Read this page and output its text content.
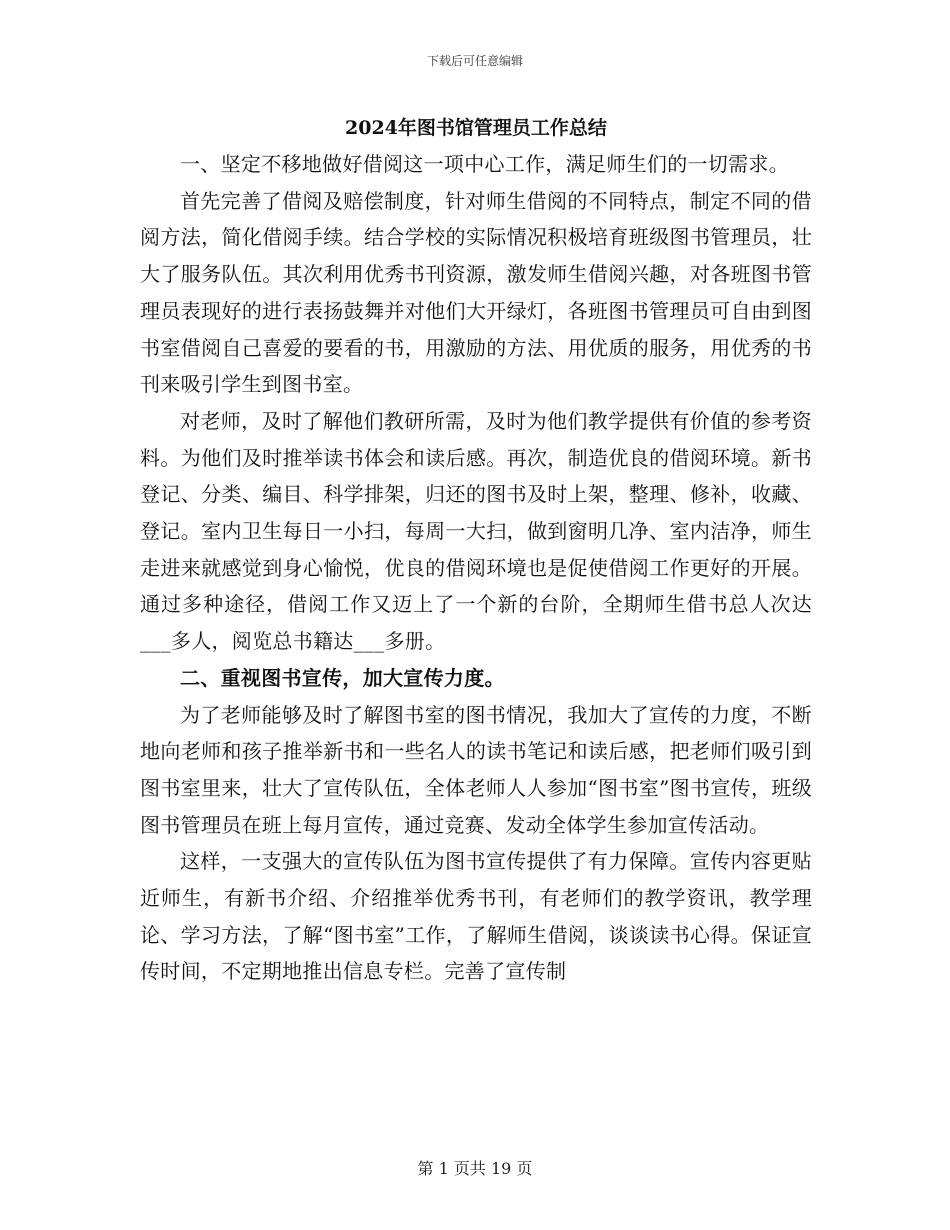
下载后可任意编辑
2024年图书馆管理员工作总结

一、坚定不移地做好借阅这一项中心工作，满足师生们的一切需求。

首先完善了借阅及赔偿制度，针对师生借阅的不同特点，制定不同的借阅方法，简化借阅手续。结合学校的实际情况积极培育班级图书管理员，壮大了服务队伍。其次利用优秀书刊资源，激发师生借阅兴趣，对各班图书管理员表现好的进行表扬鼓舞并对他们大开绿灯，各班图书管理员可自由到图书室借阅自己喜爱的要看的书，用激励的方法、用优质的服务，用优秀的书刊来吸引学生到图书室。

对老师，及时了解他们教研所需，及时为他们教学提供有价值的参考资料。为他们及时推举读书体会和读后感。再次，制造优良的借阅环境。新书登记、分类、编目、科学排架，归还的图书及时上架，整理、修补，收藏、登记。室内卫生每日一小扫，每周一大扫，做到窗明几净、室内洁净，师生走进来就感觉到身心愉悦，优良的借阅环境也是促使借阅工作更好的开展。通过多种途径，借阅工作又迈上了一个新的台阶，全期师生借书总人次达___多人，阅览总书籍达___多册。

二、重视图书宣传，加大宣传力度。

为了老师能够及时了解图书室的图书情况，我加大了宣传的力度，不断地向老师和孩子推举新书和一些名人的读书笔记和读后感，把老师们吸引到图书室里来，壮大了宣传队伍，全体老师人人参加“图书室”图书宣传，班级图书管理员在班上每月宣传，通过竞赛、发动全体学生参加宣传活动。

这样，一支强大的宣传队伍为图书宣传提供了有力保障。宣传内容更贴近师生，有新书介绍、介绍推举优秀书刊，有老师们的教学资讯，教学理论、学习方法，了解“图书室”工作，了解师生借阅，谈谈读书心得。保证宣传时间，不定期地推出信息专栏。完善了宣传制

第 1 页共 19 页
